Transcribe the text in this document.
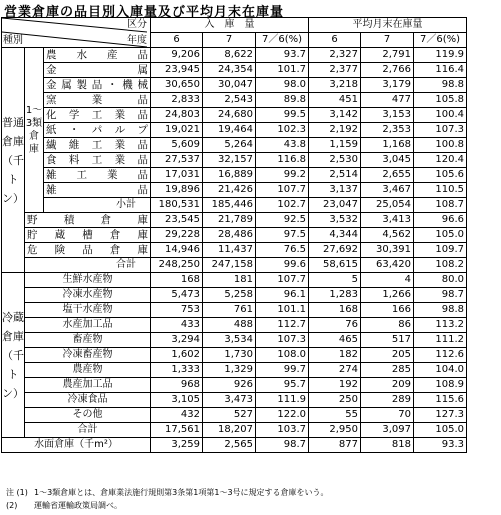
営業倉庫の品目別入庫量及び平均月末在庫量
区分
年度
種別			入　庫　量			平均月末在庫量		
			6	7	7／6(%)	6	7	7／6(%)
普通倉庫（千トン）	1〜3類倉庫	農水産品	9,206	8,622	93.7	2,327	2,791	119.9
		金属	23,945	24,354	101.7	2,377	2,766	116.4
		金属製品・機械	30,650	30,047	98.0	3,218	3,179	98.8
		窯業品	2,833	2,543	89.8	451	477	105.8
		化学工業品	24,803	24,680	99.5	3,142	3,153	100.4
		紙・パルプ	19,021	19,464	102.3	2,192	2,353	107.3
		繊維工業品	5,609	5,264	43.8	1,159	1,168	100.8
		食料工業品	27,537	32,157	116.8	2,530	3,045	120.4
		雑工業品	17,031	16,889	99.2	2,514	2,655	105.6
		雑品	19,896	21,426	107.7	3,137	3,467	110.5
		小計	180,531	185,446	102.7	23,047	25,054	108.7
	野積倉庫		23,545	21,789	92.5	3,532	3,413	96.6
	貯蔵槽倉庫		29,228	28,486	97.5	4,344	4,562	105.0
	危険品倉庫		14,946	11,437	76.5	27,692	30,391	109.7
	合計		248,250	247,158	99.6	58,615	63,420	108.2
冷蔵倉庫（千トン）	生鮮水産物		168	181	107.7	5	4	80.0
	冷凍水産物		5,473	5,258	96.1	1,283	1,266	98.7
	塩干水産物		753	761	101.1	168	166	98.8
	水産加工品		433	488	112.7	76	86	113.2
	畜産物		3,294	3,534	107.3	465	517	111.2
	冷凍畜産物		1,602	1,730	108.0	182	205	112.6
	農産物		1,333	1,329	99.7	274	285	104.0
	農産加工品		968	926	95.7	192	209	108.9
	冷凍食品		3,105	3,473	111.9	250	289	115.6
	その他		432	527	122.0	55	70	127.3
	合計		17,561	18,207	103.7	2,950	3,097	105.0
水面倉庫（千m²）			3,259	2,565	98.7	877	818	93.3
注 (1) 1〜3類倉庫とは、倉庫業法施行規則第3条第1項第1〜3号に規定する倉庫をいう。
(2) 運輸省運輸政策局調べ。
